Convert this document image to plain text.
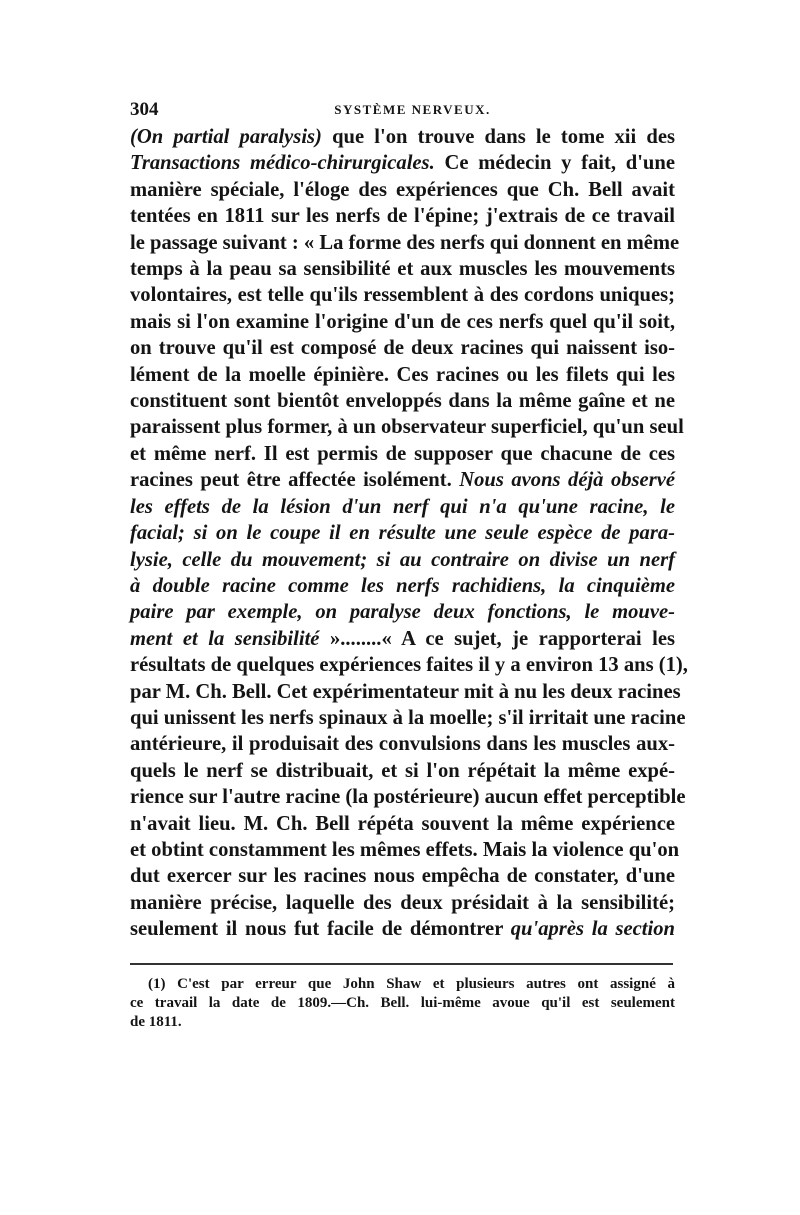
304	SYSTÈME NERVEUX.
(On partial paralysis) que l'on trouve dans le tome xii des
Transactions médico-chirurgicales. Ce médecin y fait, d'une
manière spéciale, l'éloge des expériences que Ch. Bell avait
tentées en 1811 sur les nerfs de l'épine; j'extrais de ce travail
le passage suivant : « La forme des nerfs qui donnent en même
temps à la peau sa sensibilité et aux muscles les mouvements
volontaires, est telle qu'ils ressemblent à des cordons uniques;
mais si l'on examine l'origine d'un de ces nerfs quel qu'il soit,
on trouve qu'il est composé de deux racines qui naissent iso-
lément de la moelle épinière. Ces racines ou les filets qui les
constituent sont bientôt enveloppés dans la même gaîne et ne
paraissent plus former, à un observateur superficiel, qu'un seul
et même nerf. Il est permis de supposer que chacune de ces
racines peut être affectée isolément. Nous avons déjà observé
les effets de la lésion d'un nerf qui n'a qu'une racine, le
facial; si on le coupe il en résulte une seule espèce de para-
lysie, celle du mouvement; si au contraire on divise un nerf
à double racine comme les nerfs rachidiens, la cinquième
paire par exemple, on paralyse deux fonctions, le mouve-
ment et la sensibilité »........« A ce sujet, je rapporterai les
résultats de quelques expériences faites il y a environ 13 ans (1),
par M. Ch. Bell. Cet expérimentateur mit à nu les deux racines
qui unissent les nerfs spinaux à la moelle; s'il irritait une racine
antérieure, il produisait des convulsions dans les muscles aux-
quels le nerf se distribuait, et si l'on répétait la même expé-
rience sur l'autre racine (la postérieure) aucun effet perceptible
n'avait lieu. M. Ch. Bell répéta souvent la même expérience
et obtint constamment les mêmes effets. Mais la violence qu'on
dut exercer sur les racines nous empêcha de constater, d'une
manière précise, laquelle des deux présidait à la sensibilité;
seulement il nous fut facile de démontrer qu'après la section
(1) C'est par erreur que John Shaw et plusieurs autres ont assigné à
ce travail la date de 1809.—Ch. Bell. lui-même avoue qu'il est seulement
de 1811.
